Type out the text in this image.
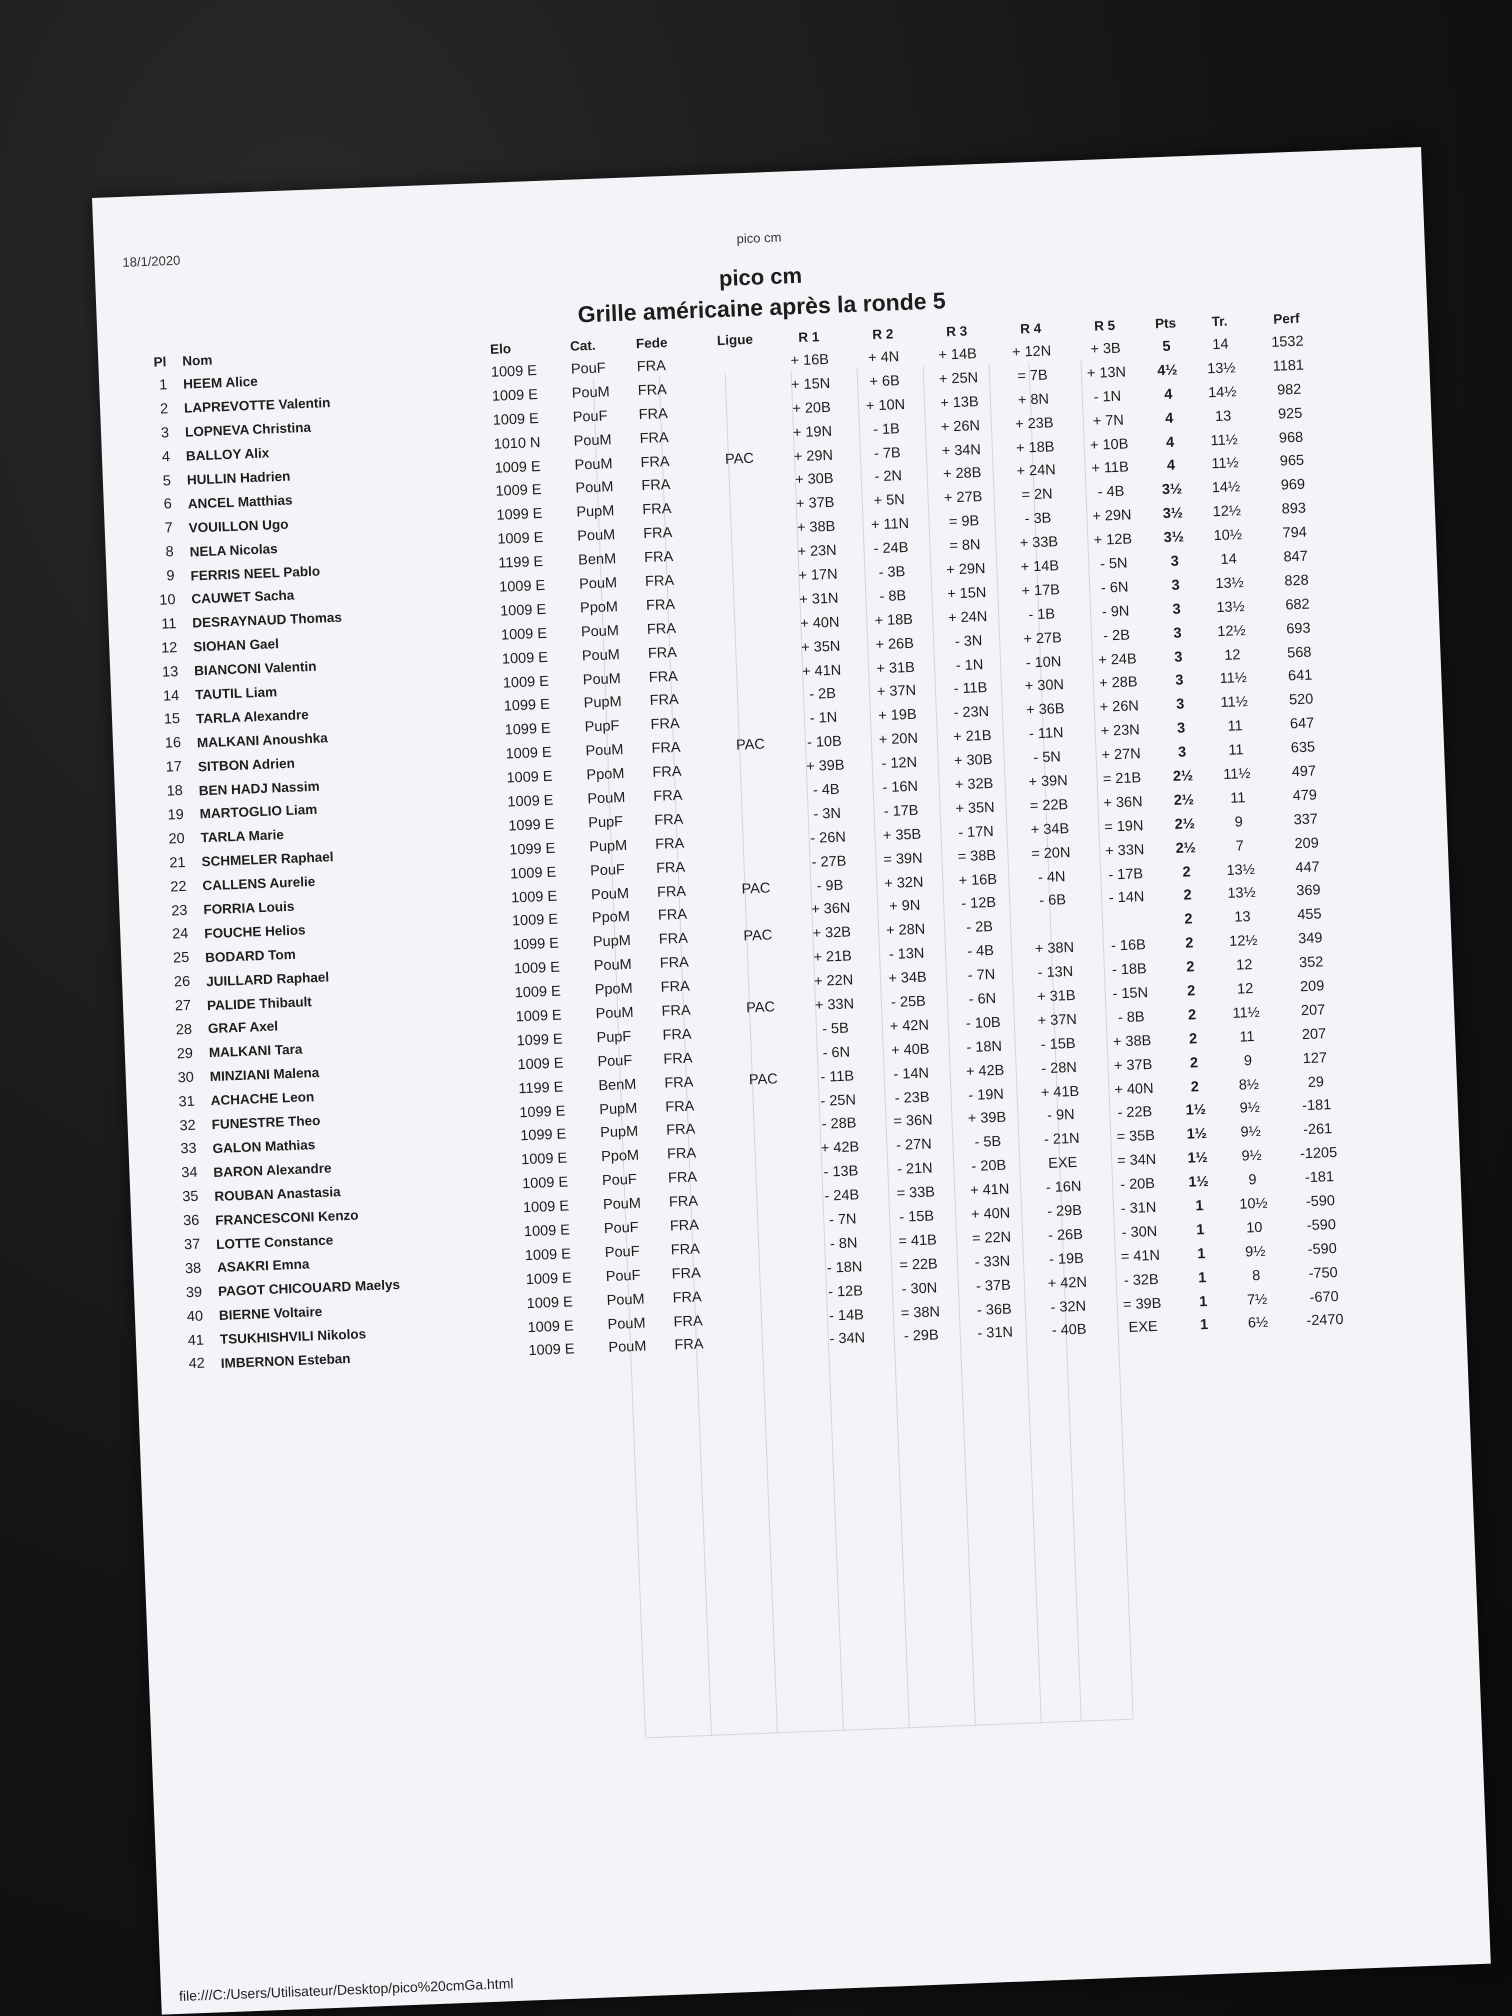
18/1/2020
pico cm
pico cm
Grille américaine après la ronde 5
Pl	Nom	Elo	Cat.	Fede	Ligue	R 1	R 2	R 3	R 4	R 5	Pts	Tr.	Perf
1	HEEM Alice	1009 E	PouF	FRA		+ 16B	+ 4N	+ 14B	+ 12N	+ 3B	5	14	1532
2	LAPREVOTTE Valentin	1009 E	PouM	FRA		+ 15N	+ 6B	+ 25N	= 7B	+ 13N	4½	13½	1181
3	LOPNEVA Christina	1009 E	PouF	FRA		+ 20B	+ 10N	+ 13B	+ 8N	- 1N	4	14½	982
4	BALLOY Alix	1010 N	PouM	FRA		+ 19N	- 1B	+ 26N	+ 23B	+ 7N	4	13	925
5	HULLIN Hadrien	1009 E	PouM	FRA	PAC	+ 29N	- 7B	+ 34N	+ 18B	+ 10B	4	11½	968
6	ANCEL Matthias	1009 E	PouM	FRA		+ 30B	- 2N	+ 28B	+ 24N	+ 11B	4	11½	965
7	VOUILLON Ugo	1099 E	PupM	FRA		+ 37B	+ 5N	+ 27B	= 2N	- 4B	3½	14½	969
8	NELA Nicolas	1009 E	PouM	FRA		+ 38B	+ 11N	= 9B	- 3B	+ 29N	3½	12½	893
9	FERRIS NEEL Pablo	1199 E	BenM	FRA		+ 23N	- 24B	= 8N	+ 33B	+ 12B	3½	10½	794
10	CAUWET Sacha	1009 E	PouM	FRA		+ 17N	- 3B	+ 29N	+ 14B	- 5N	3	14	847
11	DESRAYNAUD Thomas	1009 E	PpoM	FRA		+ 31N	- 8B	+ 15N	+ 17B	- 6N	3	13½	828
12	SIOHAN Gael	1009 E	PouM	FRA		+ 40N	+ 18B	+ 24N	- 1B	- 9N	3	13½	682
13	BIANCONI Valentin	1009 E	PouM	FRA		+ 35N	+ 26B	- 3N	+ 27B	- 2B	3	12½	693
14	TAUTIL Liam	1009 E	PouM	FRA		+ 41N	+ 31B	- 1N	- 10N	+ 24B	3	12	568
15	TARLA Alexandre	1099 E	PupM	FRA		- 2B	+ 37N	- 11B	+ 30N	+ 28B	3	11½	641
16	MALKANI Anoushka	1099 E	PupF	FRA		- 1N	+ 19B	- 23N	+ 36B	+ 26N	3	11½	520
17	SITBON Adrien	1009 E	PouM	FRA	PAC	- 10B	+ 20N	+ 21B	- 11N	+ 23N	3	11	647
18	BEN HADJ Nassim	1009 E	PpoM	FRA		+ 39B	- 12N	+ 30B	- 5N	+ 27N	3	11	635
19	MARTOGLIO Liam	1009 E	PouM	FRA		- 4B	- 16N	+ 32B	+ 39N	= 21B	2½	11½	497
20	TARLA Marie	1099 E	PupF	FRA		- 3N	- 17B	+ 35N	= 22B	+ 36N	2½	11	479
21	SCHMELER Raphael	1099 E	PupM	FRA		- 26N	+ 35B	- 17N	+ 34B	= 19N	2½	9	337
22	CALLENS Aurelie	1009 E	PouF	FRA		- 27B	= 39N	= 38B	= 20N	+ 33N	2½	7	209
23	FORRIA Louis	1009 E	PouM	FRA	PAC	- 9B	+ 32N	+ 16B	- 4N	- 17B	2	13½	447
24	FOUCHE Helios	1009 E	PpoM	FRA		+ 36N	+ 9N	- 12B	- 6B	- 14N	2	13½	369
25	BODARD Tom	1099 E	PupM	FRA	PAC	+ 32B	+ 28N	- 2B			2	13	455
26	JUILLARD Raphael	1009 E	PouM	FRA		+ 21B	- 13N	- 4B	+ 38N	- 16B	2	12½	349
27	PALIDE Thibault	1009 E	PpoM	FRA		+ 22N	+ 34B	- 7N	- 13N	- 18B	2	12	352
28	GRAF Axel	1009 E	PouM	FRA	PAC	+ 33N	- 25B	- 6N	+ 31B	- 15N	2	12	209
29	MALKANI Tara	1099 E	PupF	FRA		- 5B	+ 42N	- 10B	+ 37N	- 8B	2	11½	207
30	MINZIANI Malena	1009 E	PouF	FRA		- 6N	+ 40B	- 18N	- 15B	+ 38B	2	11	207
31	ACHACHE Leon	1199 E	BenM	FRA	PAC	- 11B	- 14N	+ 42B	- 28N	+ 37B	2	9	127
32	FUNESTRE Theo	1099 E	PupM	FRA		- 25N	- 23B	- 19N	+ 41B	+ 40N	2	8½	29
33	GALON Mathias	1099 E	PupM	FRA		- 28B	= 36N	+ 39B	- 9N	- 22B	1½	9½	-181
34	BARON Alexandre	1009 E	PpoM	FRA		+ 42B	- 27N	- 5B	- 21N	= 35B	1½	9½	-261
35	ROUBAN Anastasia	1009 E	PouF	FRA		- 13B	- 21N	- 20B	EXE	= 34N	1½	9½	-1205
36	FRANCESCONI Kenzo	1009 E	PouM	FRA		- 24B	= 33B	+ 41N	- 16N	- 20B	1½	9	-181
37	LOTTE Constance	1009 E	PouF	FRA		- 7N	- 15B	+ 40N	- 29B	- 31N	1	10½	-590
38	ASAKRI Emna	1009 E	PouF	FRA		- 8N	= 41B	= 22N	- 26B	- 30N	1	10	-590
39	PAGOT CHICOUARD Maelys	1009 E	PouF	FRA		- 18N	= 22B	- 33N	- 19B	= 41N	1	9½	-590
40	BIERNE Voltaire	1009 E	PouM	FRA		- 12B	- 30N	- 37B	+ 42N	- 32B	1	8	-750
41	TSUKHISHVILI Nikolos	1009 E	PouM	FRA		- 14B	= 38N	- 36B	- 32N	= 39B	1	7½	-670
42	IMBERNON Esteban	1009 E	PouM	FRA		- 34N	- 29B	- 31N	- 40B	EXE	1	6½	-2470
file:///C:/Users/Utilisateur/Desktop/pico%20cmGa.html
